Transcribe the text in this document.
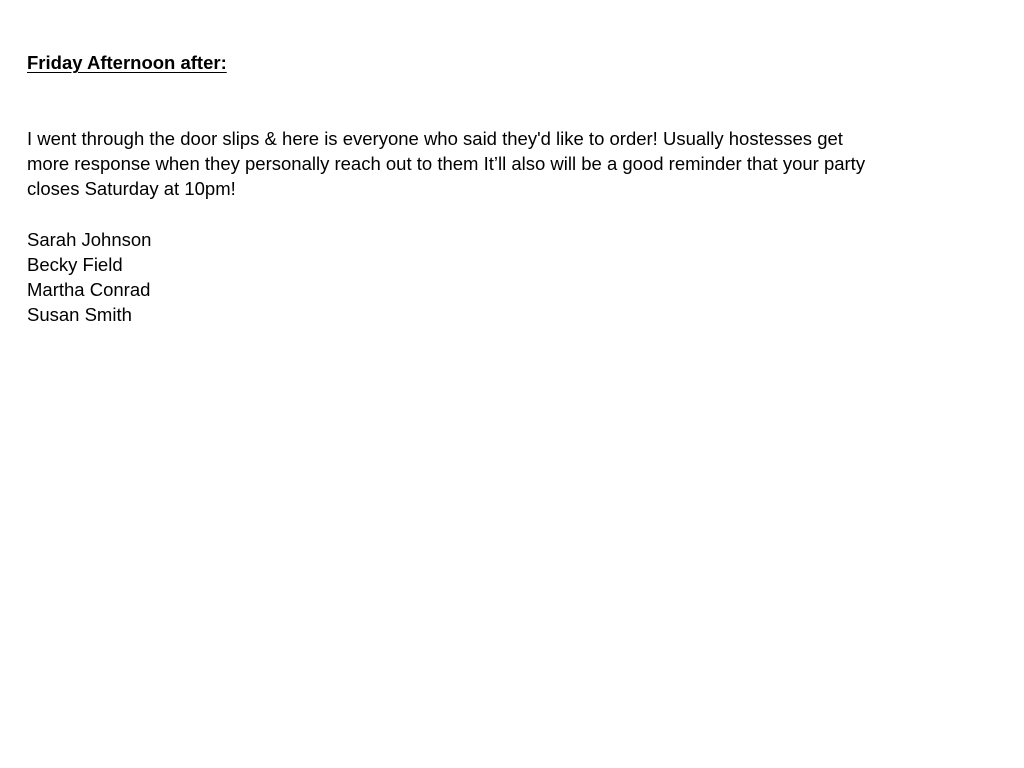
Friday Afternoon after:

I went through the door slips & here is everyone who said they'd like to order! Usually hostesses get
more response when they personally reach out to them It’ll also will be a good reminder that your party
closes Saturday at 10pm!

Sarah Johnson
Becky Field
Martha Conrad
Susan Smith
